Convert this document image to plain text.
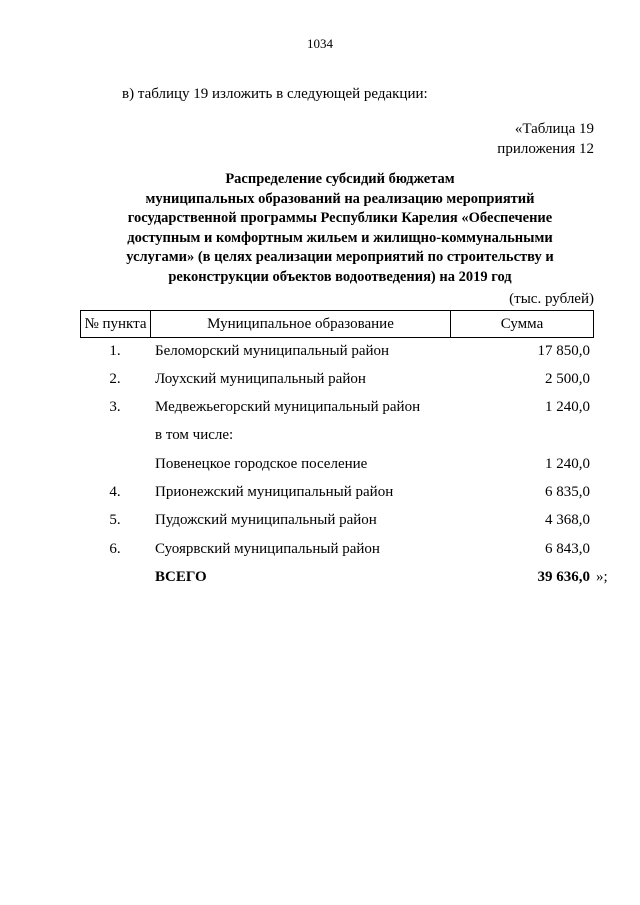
1034
в) таблицу 19 изложить в следующей редакции:
«Таблица 19
приложения 12
Распределение субсидий бюджетам
муниципальных образований на реализацию мероприятий
государственной программы Республики Карелия «Обеспечение
доступным и комфортным жильем и жилищно-коммунальными
услугами» (в целях реализации мероприятий по строительству и
реконструкции объектов водоотведения) на 2019 год
(тыс. рублей)
№ пункта	Муниципальное образование	Сумма
1.	Беломорский муниципальный район	17 850,0
2.	Лоухский муниципальный район	2 500,0
3.	Медвежьегорский муниципальный район	1 240,0
в том числе:
Повенецкое городское поселение	1 240,0
4.	Прионежский муниципальный район	6 835,0
5.	Пудожский муниципальный район	4 368,0
6.	Суоярвский муниципальный район	6 843,0
ВСЕГО	39 636,0 »;
